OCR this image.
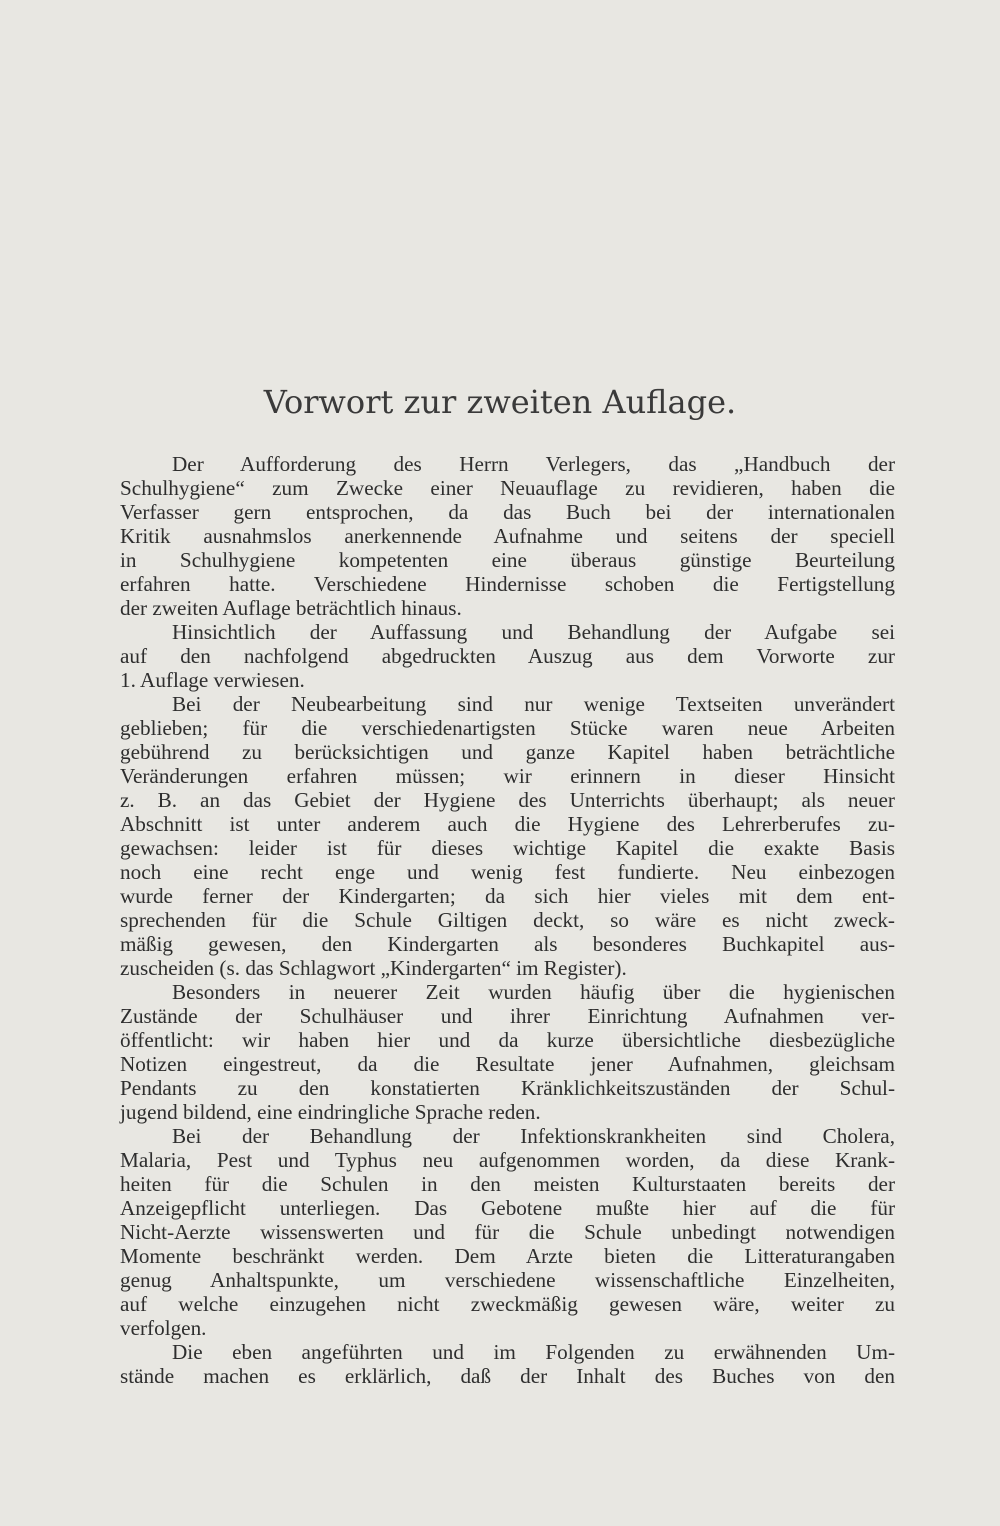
Vorwort zur zweiten Auflage.
Der Aufforderung des Herrn Verlegers, das „Handbuch der
Schulhygiene“ zum Zwecke einer Neuauflage zu revidieren, haben die
Verfasser gern entsprochen, da das Buch bei der internationalen
Kritik ausnahmslos anerkennende Aufnahme und seitens der speciell
in Schulhygiene kompetenten eine überaus günstige Beurteilung
erfahren hatte. Verschiedene Hindernisse schoben die Fertigstellung
der zweiten Auflage beträchtlich hinaus.
Hinsichtlich der Auffassung und Behandlung der Aufgabe sei
auf den nachfolgend abgedruckten Auszug aus dem Vorworte zur
1. Auflage verwiesen.
Bei der Neubearbeitung sind nur wenige Textseiten unverändert
geblieben; für die verschiedenartigsten Stücke waren neue Arbeiten
gebührend zu berücksichtigen und ganze Kapitel haben beträchtliche
Veränderungen erfahren müssen; wir erinnern in dieser Hinsicht
z. B. an das Gebiet der Hygiene des Unterrichts überhaupt; als neuer
Abschnitt ist unter anderem auch die Hygiene des Lehrerberufes zu-
gewachsen: leider ist für dieses wichtige Kapitel die exakte Basis
noch eine recht enge und wenig fest fundierte. Neu einbezogen
wurde ferner der Kindergarten; da sich hier vieles mit dem ent-
sprechenden für die Schule Giltigen deckt, so wäre es nicht zweck-
mäßig gewesen, den Kindergarten als besonderes Buchkapitel aus-
zuscheiden (s. das Schlagwort „Kindergarten“ im Register).
Besonders in neuerer Zeit wurden häufig über die hygienischen
Zustände der Schulhäuser und ihrer Einrichtung Aufnahmen ver-
öffentlicht: wir haben hier und da kurze übersichtliche diesbezügliche
Notizen eingestreut, da die Resultate jener Aufnahmen, gleichsam
Pendants zu den konstatierten Kränklichkeitszuständen der Schul-
jugend bildend, eine eindringliche Sprache reden.
Bei der Behandlung der Infektionskrankheiten sind Cholera,
Malaria, Pest und Typhus neu aufgenommen worden, da diese Krank-
heiten für die Schulen in den meisten Kulturstaaten bereits der
Anzeigepflicht unterliegen. Das Gebotene mußte hier auf die für
Nicht-Aerzte wissenswerten und für die Schule unbedingt notwendigen
Momente beschränkt werden. Dem Arzte bieten die Litteraturangaben
genug Anhaltspunkte, um verschiedene wissenschaftliche Einzelheiten,
auf welche einzugehen nicht zweckmäßig gewesen wäre, weiter zu
verfolgen.
Die eben angeführten und im Folgenden zu erwähnenden Um-
stände machen es erklärlich, daß der Inhalt des Buches von den
